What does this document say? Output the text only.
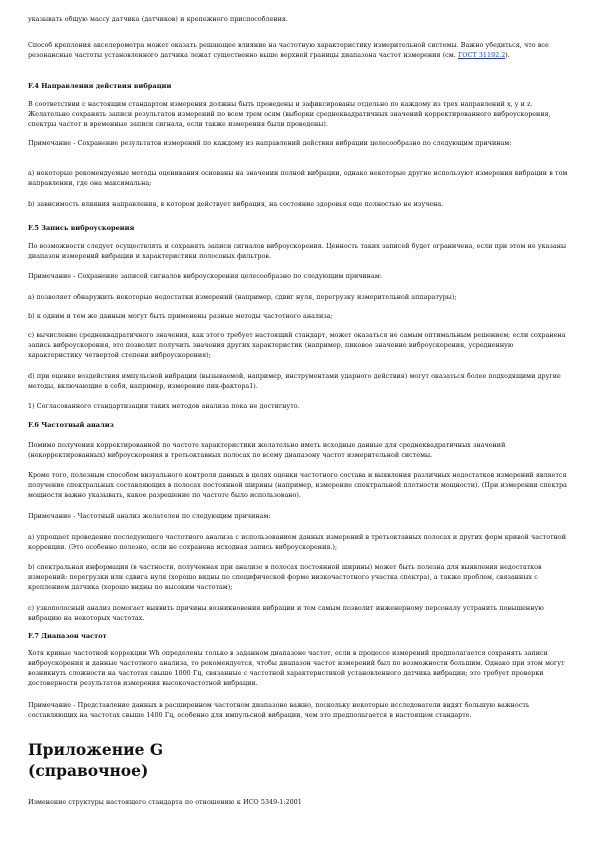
указывать общую массу датчика (датчиков) и крепежного приспособления.

Способ крепления акселерометра может оказать решающее влияние на частотную характеристику измерительной системы. Важно убедиться, что все резонансные частоты установленного датчика лежат существенно выше верхней границы диапазона частот измерения (см. ГОСТ 31192.2).

F.4 Направления действия вибрации

В соответствии с настоящим стандартом измерения должны быть проведены и зафиксированы отдельно по каждому из трех направлений x, y и z. Желательно сохранять записи результатов измерений по всем трем осям (выборки среднеквадратичных значений корректированного виброускорения, спектры частот и временные записи сигнала, если также измерения были проведены).

Примечание - Сохранение результатов измерений по каждому из направлений действия вибрации целесообразно по следующим причинам:

а) некоторые рекомендуемые методы оценивания основаны на значении полной вибрации, однако некоторые другие используют измерения вибрации в том направлении, где она максимальна;

b) зависимость влияния направления, в котором действует вибрация, на состояние здоровья еще полностью не изучена.

F.5 Запись виброускорения

По возможности следует осуществлять и сохранять записи сигналов виброускорения. Ценность таких записей будет ограничена, если при этом не указаны диапазон измерений вибрации и характеристики полосовых фильтров.

Примечание - Сохранение записей сигналов виброускорения целесообразно по следующим причинам:

а) позволяет обнаружить некоторые недостатки измерений (например, сдвиг нуля, перегрузку измерительной аппаратуры);

b) к одним и тем же данным могут быть применены разные методы частотного анализа;

c) вычисление среднеквадратичного значения, как этого требует настоящий стандарт, может оказаться не самым оптимальным решением; если сохранена запись виброускорения, это позволит получить значения других характеристик (например, пиковое значение виброускорения, усредненную характеристику четвертой степени виброускорения);

d) при оценке воздействия импульсной вибрации (вызываемой, например, инструментами ударного действия) могут оказаться более подходящими другие методы, включающие в себя, например, измерение пик-фактора1).

1) Согласованного стандартизации таких методов анализа пока не достигнуто.

F.6 Частотный анализ

Помимо получения корректированной по частоте характеристики желательно иметь исходные данные для среднеквадратичных значений (некорректированных) виброускорения в третьоктавных полосах по всему диапазону частот измерительной системы.

Кроме того, полезным способом визуального контроля данных в целях оценки частотного состава и выявления различных недостатков измерений является получение спектральных составляющих в полосах постоянной ширины (например, измерение спектральной плотности мощности). (При измерении спектра мощности важно указывать, какое разрешение по частоте было использовано).

Примечание - Частотный анализ желателен по следующим причинам:

а) упрощает проведение последующего частотного анализа с использованием данных измерений в третьоктавных полосах и других форм кривой частотной коррекции. (Это особенно полезно, если не сохранена исходная запись виброускорения.);

b) спектральная информация (в частности, полученная при анализе в полосах постоянной ширины) может быть полезна для выявления недостатков измерений: перегрузки или сдвига нуля (хорошо видны по специфической форме низкочастотного участка спектра), а также проблем, связанных с креплением датчика (хорошо видны по высоким частотам);

c) узкополосный анализ помогает выявить причины возникновения вибрации и тем самым позволит инженерному персоналу устранить повышенную вибрацию на некоторых частотах.

F.7 Диапазон частот

Хотя кривые частотной коррекции Wh определены только в заданном диапазоне частот, если в процессе измерений предполагается сохранять записи виброускорения и данные частотного анализа, то рекомендуется, чтобы диапазон частот измерений был по возможности большим. Однако при этом могут возникнуть сложности на частотах свыше 1000 Гц, связанные с частотной характеристикой установленного датчика вибрации; это требует проверки достоверности результатов измерения высокочастотной вибрации.

Примечание - Представление данных в расширенном частотном диапазоне важно, поскольку некоторые исследователи видят большую важность составляющих на частотах свыше 1400 Гц, особенно для импульсной вибрации, чем это предполагается в настоящем стандарте.

Приложение G

(справочное)

Изменение структуры настоящего стандарта по отношению к ИСО 5349-1:2001
